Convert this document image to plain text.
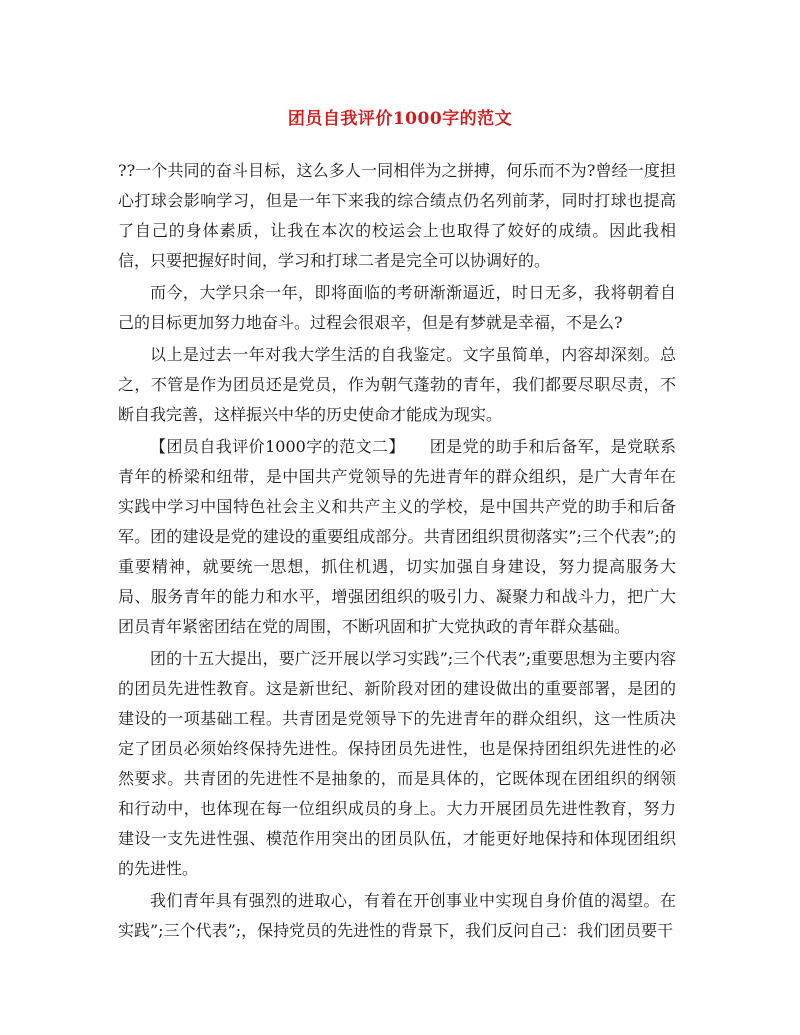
团员自我评价1000字的范文

??一个共同的奋斗目标，这么多人一同相伴为之拼搏，何乐而不为?曾经一度担心打球会影响学习，但是一年下来我的综合绩点仍名列前茅，同时打球也提高了自己的身体素质，让我在本次的校运会上也取得了姣好的成绩。因此我相信，只要把握好时间，学习和打球二者是完全可以协调好的。

而今，大学只余一年，即将面临的考研渐渐逼近，时日无多，我将朝着自己的目标更加努力地奋斗。过程会很艰辛，但是有梦就是幸福，不是么?

以上是过去一年对我大学生活的自我鉴定。文字虽简单，内容却深刻。总之，不管是作为团员还是党员，作为朝气蓬勃的青年，我们都要尽职尽责，不断自我完善，这样振兴中华的历史使命才能成为现实。

【团员自我评价1000字的范文二】　　团是党的助手和后备军，是党联系青年的桥梁和纽带，是中国共产党领导的先进青年的群众组织，是广大青年在实践中学习中国特色社会主义和共产主义的学校，是中国共产党的助手和后备军。团的建设是党的建设的重要组成部分。共青团组织贯彻落实”;三个代表”;的重要精神，就要统一思想，抓住机遇，切实加强自身建设，努力提高服务大局、服务青年的能力和水平，增强团组织的吸引力、凝聚力和战斗力，把广大团员青年紧密团结在党的周围，不断巩固和扩大党执政的青年群众基础。

团的十五大提出，要广泛开展以学习实践”;三个代表”;重要思想为主要内容的团员先进性教育。这是新世纪、新阶段对团的建设做出的重要部署，是团的建设的一项基础工程。共青团是党领导下的先进青年的群众组织，这一性质决定了团员必须始终保持先进性。保持团员先进性，也是保持团组织先进性的必然要求。共青团的先进性不是抽象的，而是具体的，它既体现在团组织的纲领和行动中，也体现在每一位组织成员的身上。大力开展团员先进性教育，努力建设一支先进性强、模范作用突出的团员队伍，才能更好地保持和体现团组织的先进性。

我们青年具有强烈的进取心，有着在开创事业中实现自身价值的渴望。在实践”;三个代表”;，保持党员的先进性的背景下，我们反问自己：我们团员要干
